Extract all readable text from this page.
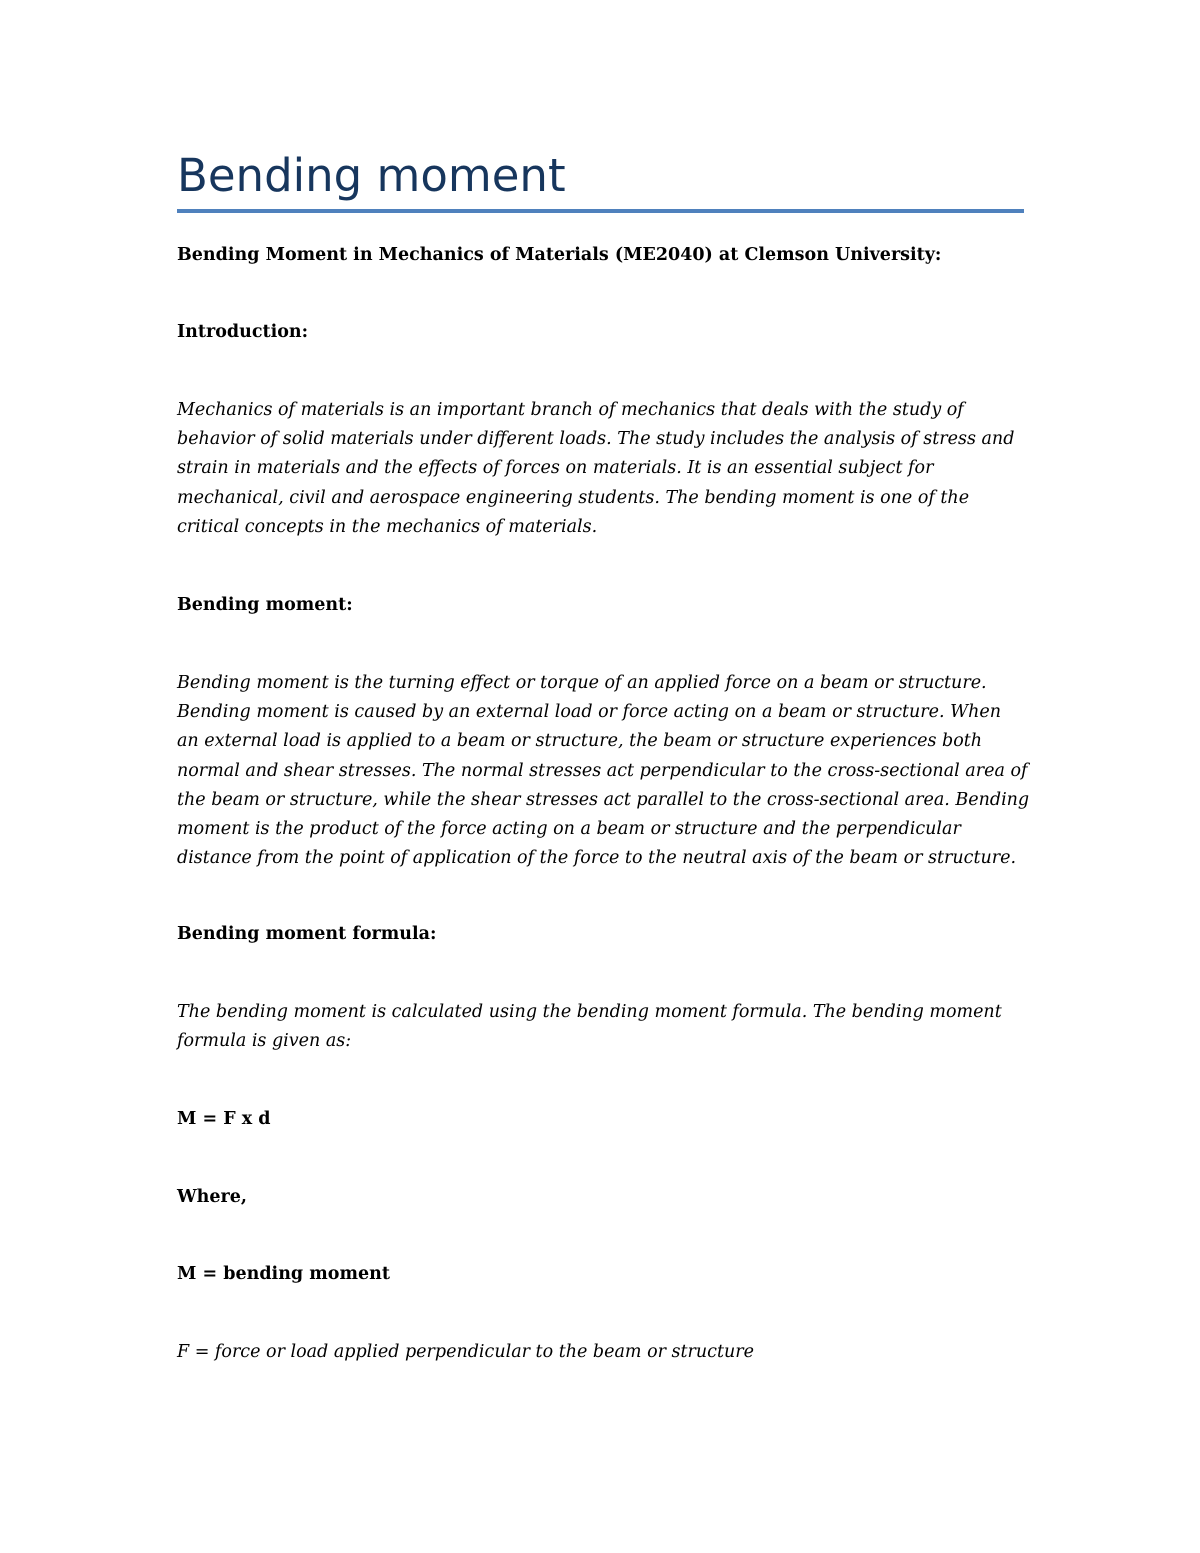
Bending moment

Bending Moment in Mechanics of Materials (ME2040) at Clemson University:

Introduction:

Mechanics of materials is an important branch of mechanics that deals with the study of
behavior of solid materials under different loads. The study includes the analysis of stress and
strain in materials and the effects of forces on materials. It is an essential subject for
mechanical, civil and aerospace engineering students. The bending moment is one of the
critical concepts in the mechanics of materials.

Bending moment:

Bending moment is the turning effect or torque of an applied force on a beam or structure.
Bending moment is caused by an external load or force acting on a beam or structure. When
an external load is applied to a beam or structure, the beam or structure experiences both
normal and shear stresses. The normal stresses act perpendicular to the cross-sectional area of
the beam or structure, while the shear stresses act parallel to the cross-sectional area. Bending
moment is the product of the force acting on a beam or structure and the perpendicular
distance from the point of application of the force to the neutral axis of the beam or structure.

Bending moment formula:

The bending moment is calculated using the bending moment formula. The bending moment
formula is given as:

M = F x d

Where,

M = bending moment

F = force or load applied perpendicular to the beam or structure
